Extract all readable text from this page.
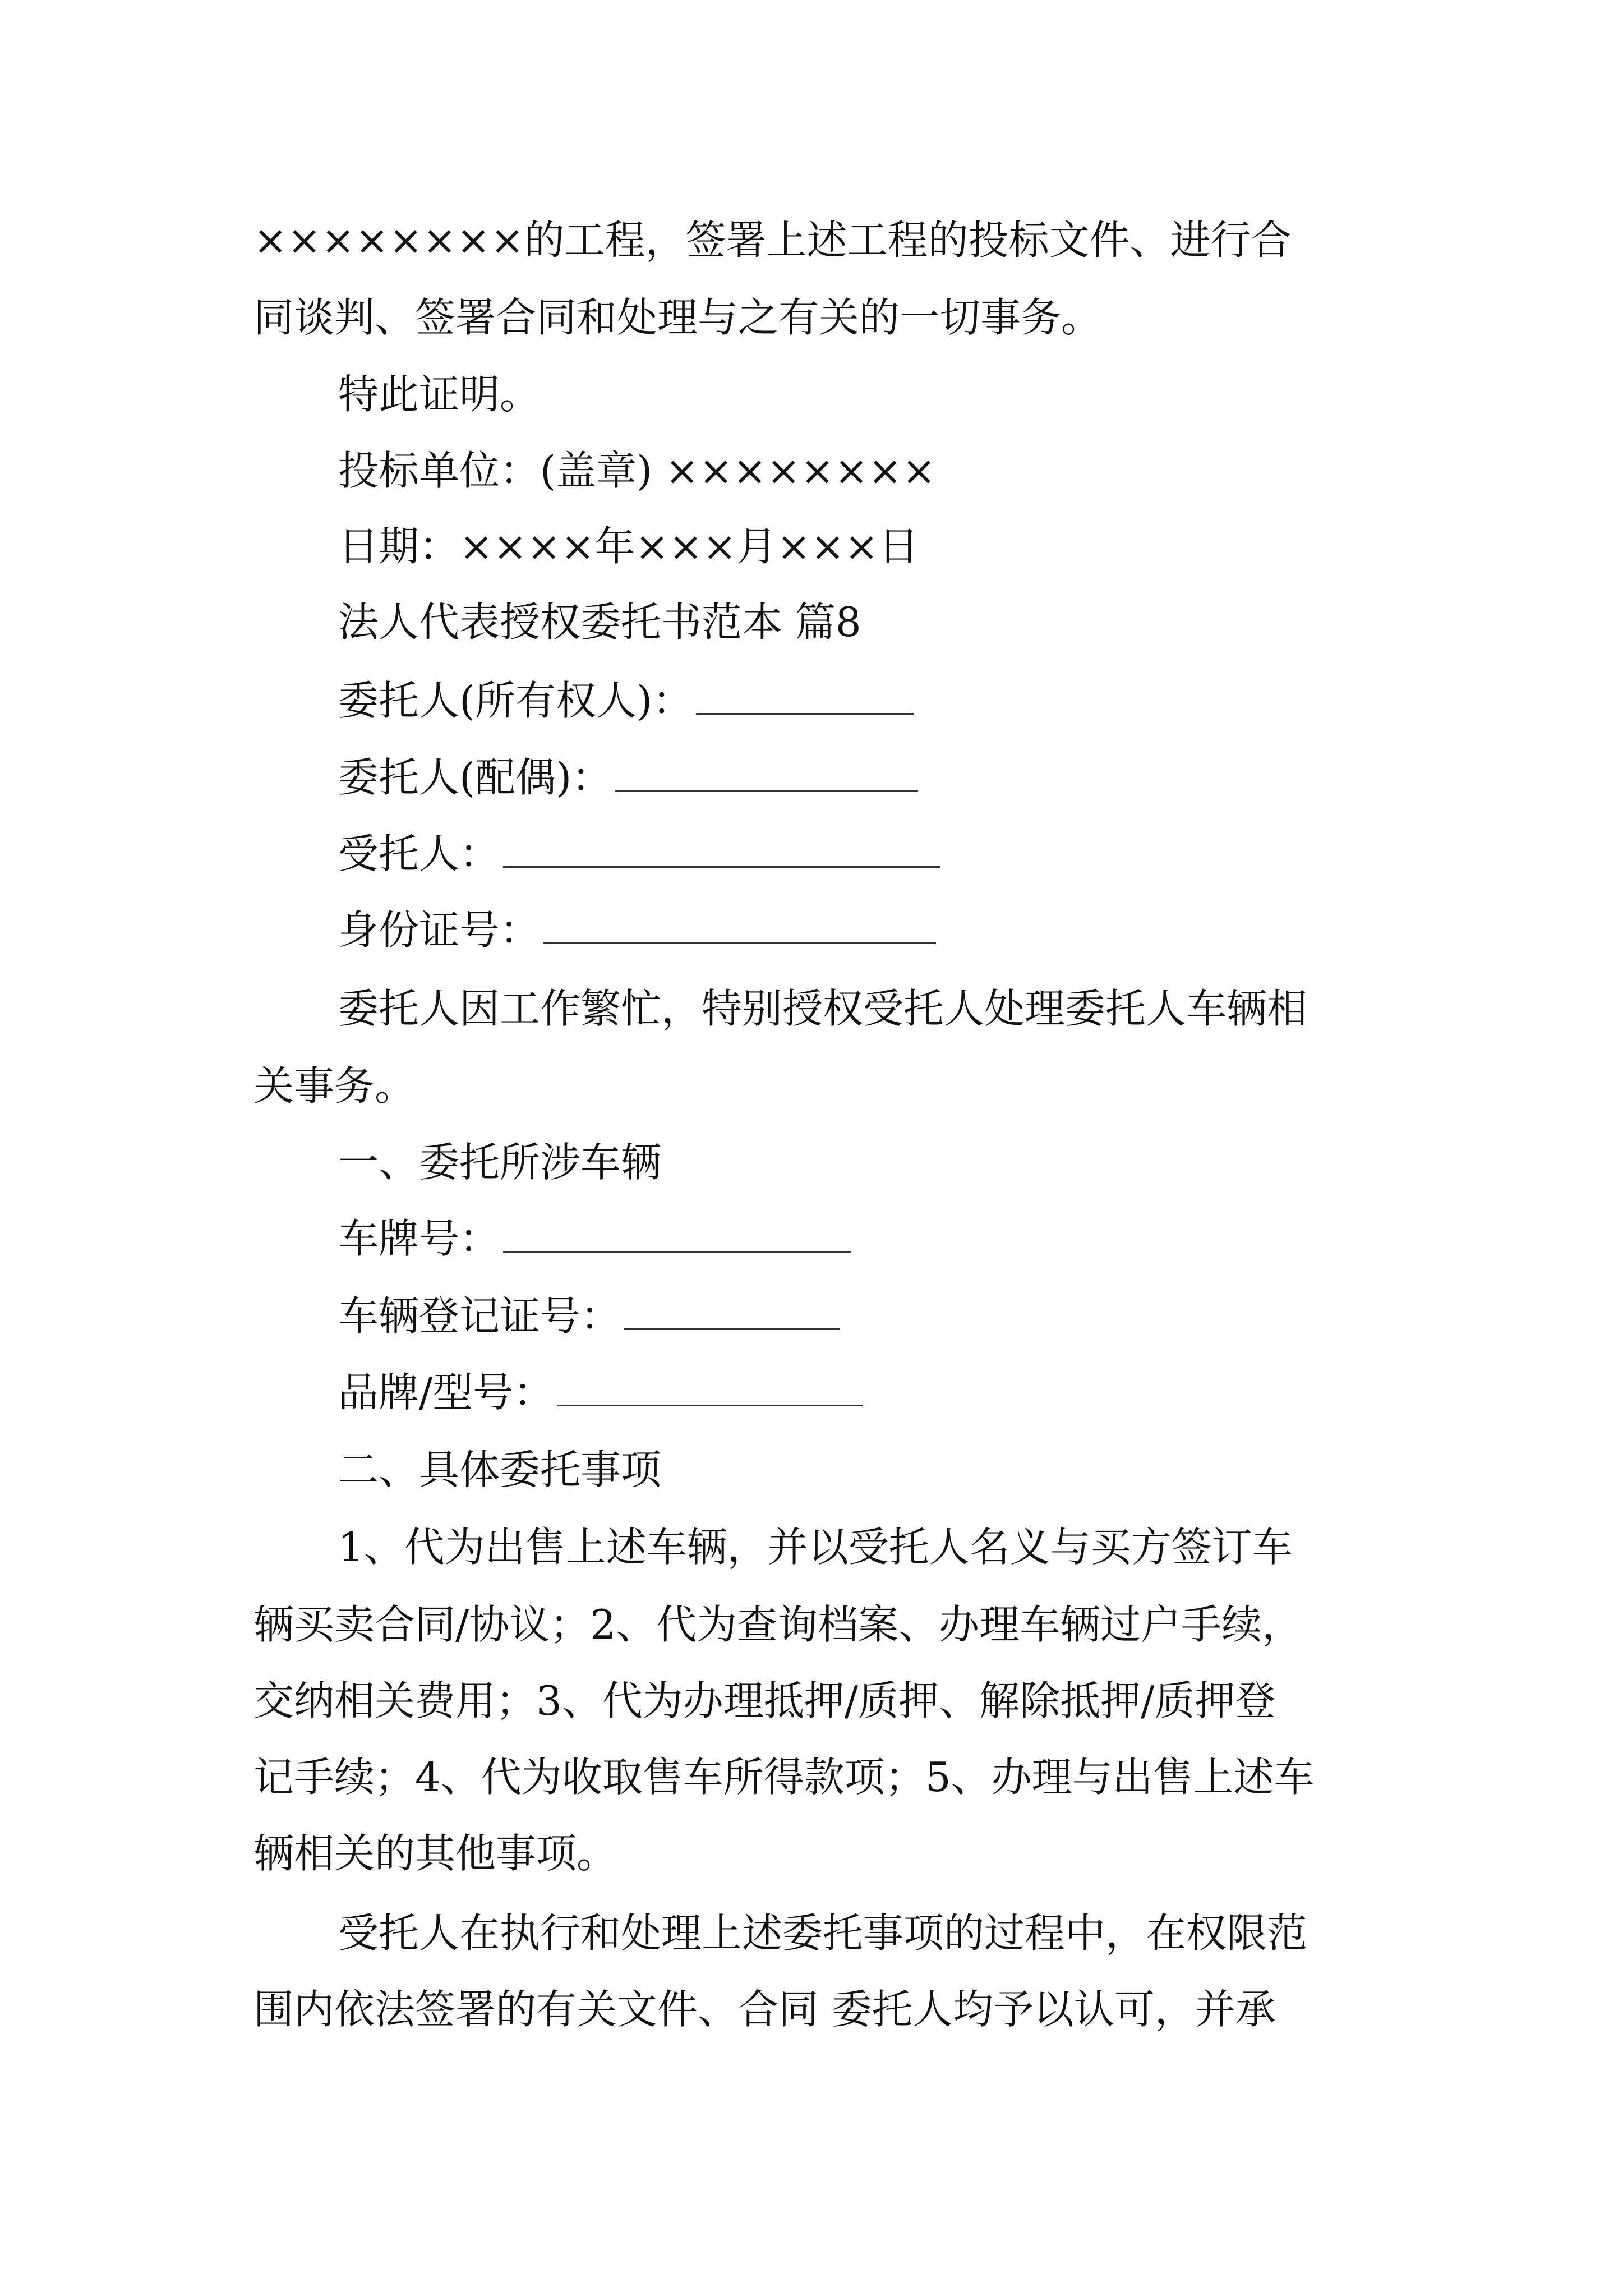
××××××××的工程，签署上述工程的投标文件、进行合
同谈判、签署合同和处理与之有关的一切事务。
特此证明。
投标单位：(盖章) ××××××××
日期：××××年×××月×××日
法人代表授权委托书范本 篇8
委托人(所有权人)：
委托人(配偶)：
受托人：
身份证号：
委托人因工作繁忙，特别授权受托人处理委托人车辆相
关事务。
一、委托所涉车辆
车牌号：
车辆登记证号：
品牌/型号：
二、具体委托事项
1、代为出售上述车辆，并以受托人名义与买方签订车
辆买卖合同/协议；2、代为查询档案、办理车辆过户手续，
交纳相关费用；3、代为办理抵押/质押、解除抵押/质押登
记手续；4、代为收取售车所得款项；5、办理与出售上述车
辆相关的其他事项。
受托人在执行和处理上述委托事项的过程中，在权限范
围内依法签署的有关文件、合同 委托人均予以认可，并承
